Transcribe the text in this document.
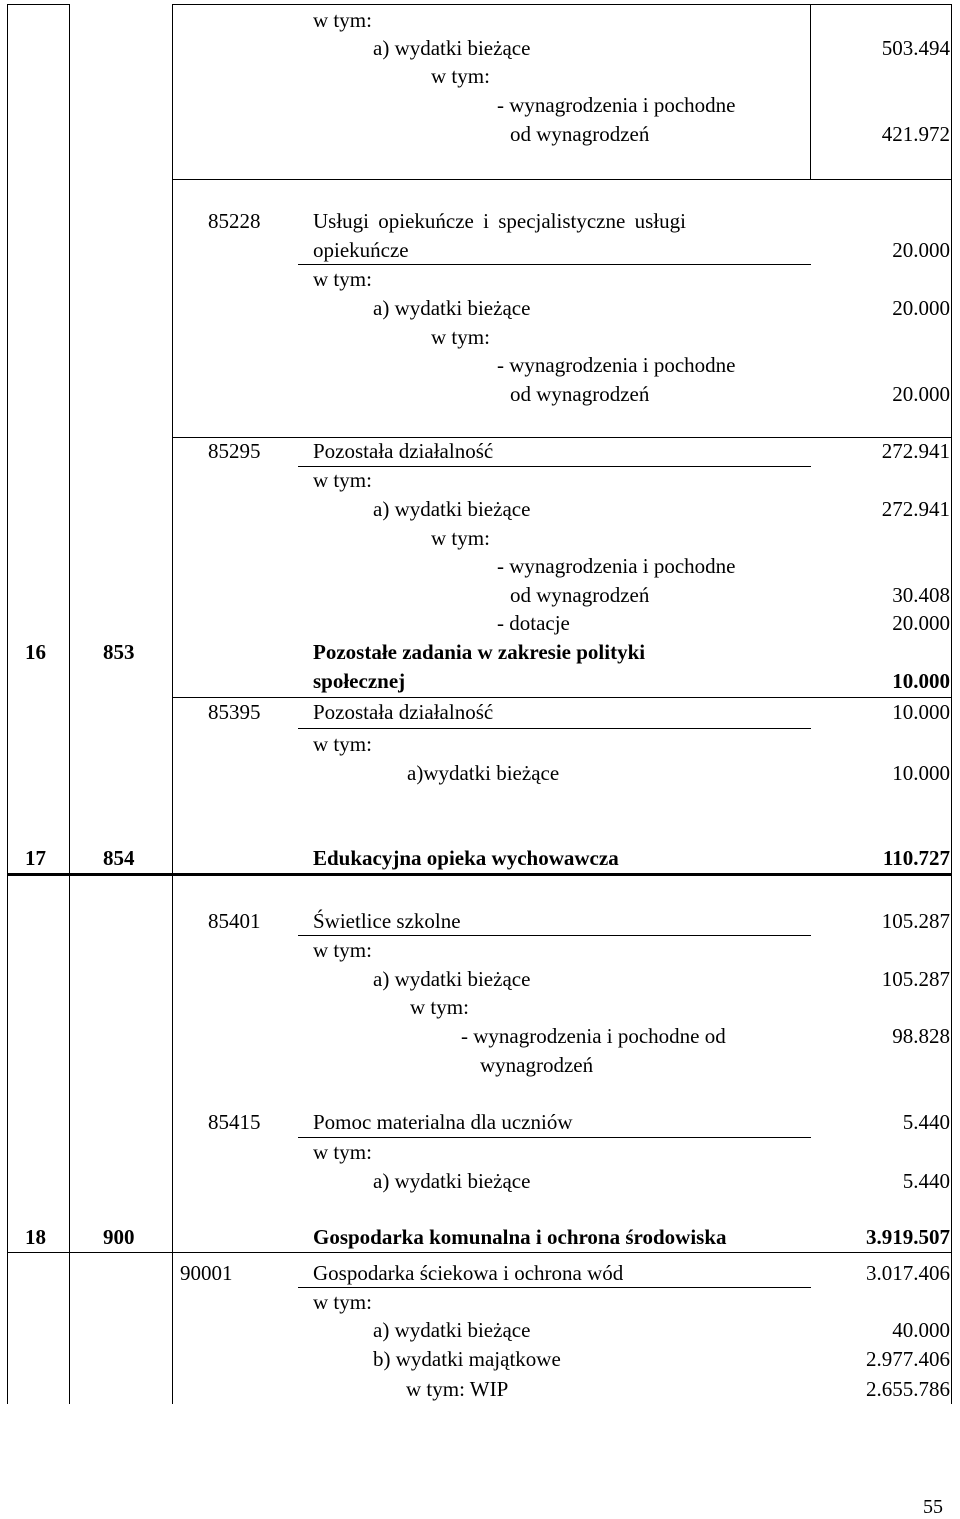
w tym:
a) wydatki bieżące	503.494
w tym:
- wynagrodzenia i pochodne
od wynagrodzeń	421.972
85228	Usługi opiekuńcze i specjalistyczne usługi
opiekuńcze	20.000
w tym:
a) wydatki bieżące	20.000
w tym:
- wynagrodzenia i pochodne
od wynagrodzeń	20.000
85295	Pozostała działalność	272.941
w tym:
a) wydatki bieżące	272.941
w tym:
- wynagrodzenia i pochodne
od wynagrodzeń	30.408
- dotacje	20.000
16	853	Pozostałe zadania w zakresie polityki
społecznej	10.000
85395	Pozostała działalność	10.000
w tym:
a)wydatki bieżące	10.000
17	854	Edukacyjna opieka wychowawcza	110.727
85401	Świetlice szkolne	105.287
w tym:
a) wydatki bieżące	105.287
w tym:
- wynagrodzenia i pochodne od	98.828
wynagrodzeń
85415	Pomoc materialna dla uczniów	5.440
w tym:
a) wydatki bieżące	5.440
18	900	Gospodarka komunalna i ochrona środowiska	3.919.507
90001	Gospodarka ściekowa i ochrona wód	3.017.406
w tym:
a) wydatki bieżące	40.000
b) wydatki majątkowe	2.977.406
w tym: WIP	2.655.786
55
